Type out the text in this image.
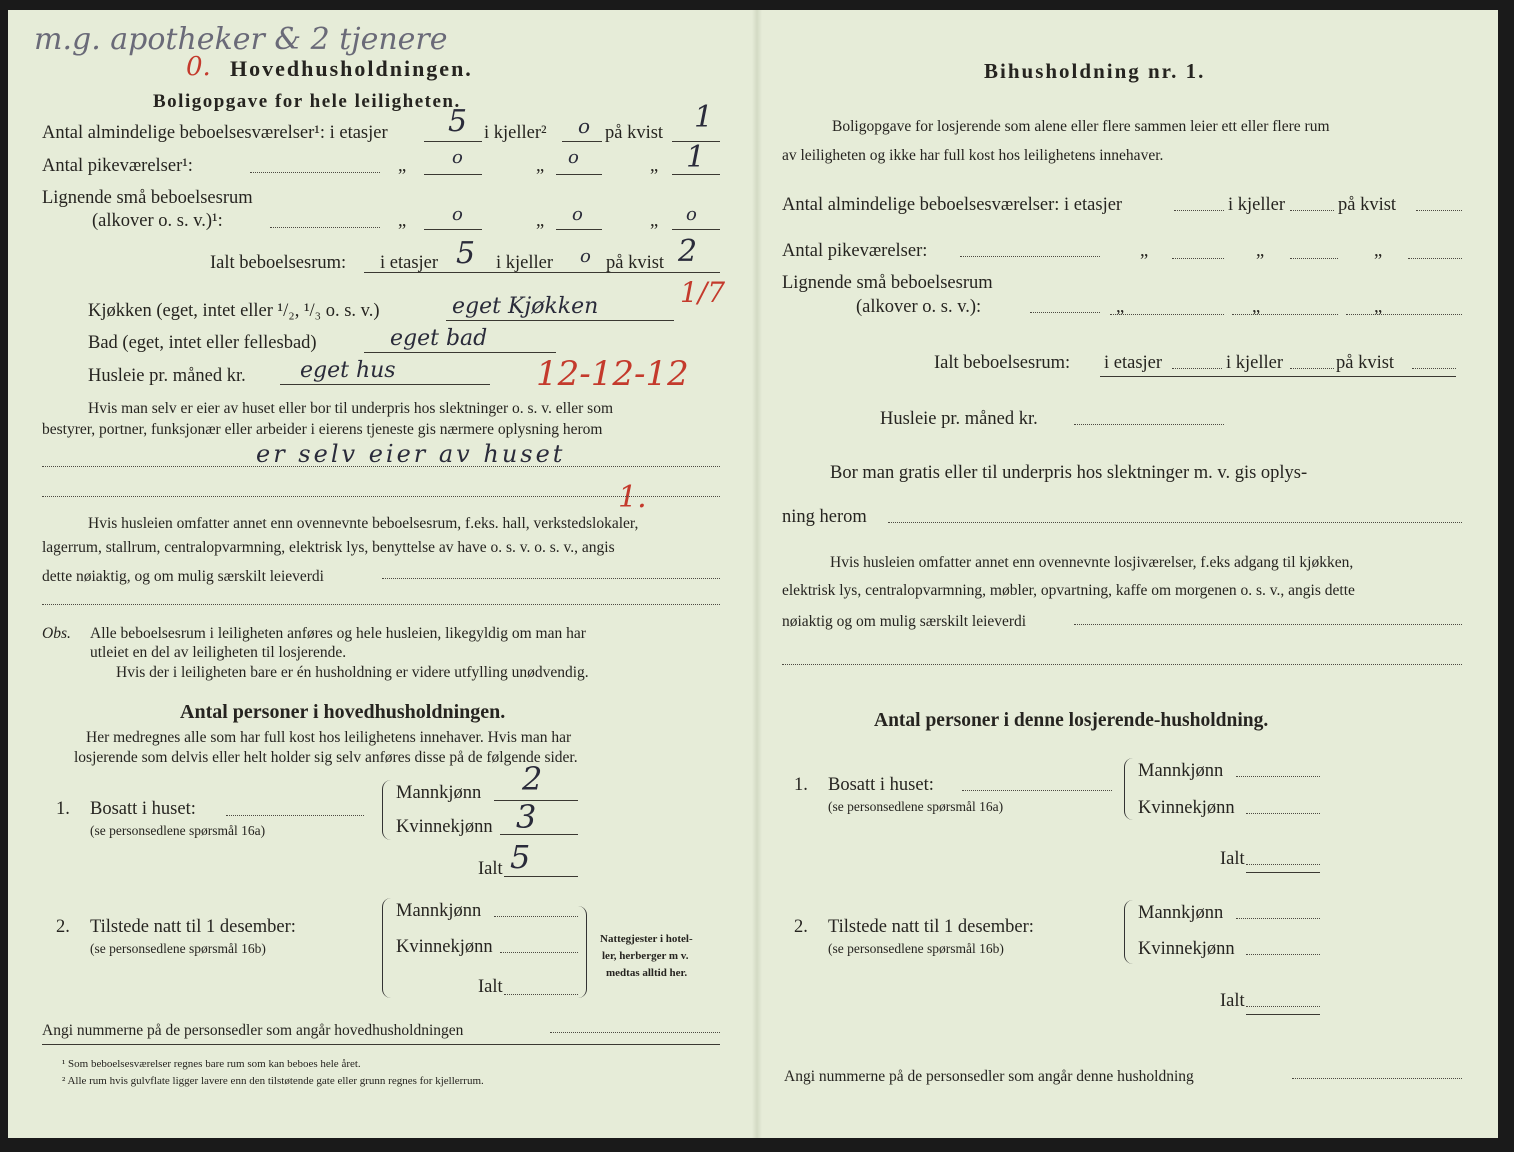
m.g. apotheker & 2 tjenere
0. Hovedhusholdningen.
Boligopgave for hele leiligheten.
Antal almindelige beboelsesværelser¹: i etasjer 5 i kjeller² o på kvist 1
Antal pikeværelser¹:	„	o	„ o	„ 1
Lignende små beboelsesrum
(alkover o. s. v.)¹:	„	o	„ o	„ o
Ialt beboelsesrum: i etasjer 5 i kjeller o på kvist 2
1/7
Kjøkken (eget, intet eller ¹/₂, ¹/₃ o. s. v.)	eget Kjøkken
Bad (eget, intet eller fellesbad)	eget bad
Husleie pr. måned kr. eget hus	12-12-12
Hvis man selv er eier av huset eller bor til underpris hos slektninger o. s. v. eller som
bestyrer, portner, funksjonær eller arbeider i eierens tjeneste gis nærmere oplysning herom
er selv eier av huset
1.
Hvis husleien omfatter annet enn ovennevnte beboelsesrum, f.eks. hall, verkstedslokaler,
lagerrum, stallrum, centralopvarmning, elektrisk lys, benyttelse av have o. s. v. o. s. v., angis
dette nøiaktig, og om mulig særskilt leieverdi
Obs. Alle beboelsesrum i leiligheten anføres og hele husleien, likegyldig om man har
utleiet en del av leiligheten til losjerende.
Hvis der i leiligheten bare er én husholdning er videre utfylling unødvendig.
Antal personer i hovedhusholdningen.
Her medregnes alle som har full kost hos leilighetens innehaver. Hvis man har
losjerende som delvis eller helt holder sig selv anføres disse på de følgende sider.
1. Bosatt i huset:
(se personsedlene spørsmål 16a)
Mannkjønn 2
Kvinnekjønn 3
Ialt 5
2. Tilstede natt til 1 desember:
(se personsedlene spørsmål 16b)
Mannkjønn
Kvinnekjønn
Ialt
Nattegjester i hotel-
ler, herberger m v.
medtas alltid her.
Angi nummerne på de personsedler som angår hovedhusholdningen
¹ Som beboelsesværelser regnes bare rum som kan beboes hele året.
² Alle rum hvis gulvflate ligger lavere enn den tilstøtende gate eller grunn regnes for kjellerrum.
Bihusholdning nr. 1.
Boligopgave for losjerende som alene eller flere sammen leier ett eller flere rum
av leiligheten og ikke har full kost hos leilighetens innehaver.
Antal almindelige beboelsesværelser: i etasjer	i kjeller	på kvist
Antal pikeværelser:	„	„	„
Lignende små beboelsesrum
(alkover o. s. v.):	„	„	„
Ialt beboelsesrum: i etasjer	i kjeller	på kvist
Husleie pr. måned kr.
Bor man gratis eller til underpris hos slektninger m. v. gis oplys-
ning herom
Hvis husleien omfatter annet enn ovennevnte losjiværelser, f.eks adgang til kjøkken,
elektrisk lys, centralopvarmning, møbler, opvartning, kaffe om morgenen o. s. v., angis dette
nøiaktig og om mulig særskilt leieverdi
Antal personer i denne losjerende-husholdning.
1. Bosatt i huset:
(se personsedlene spørsmål 16a)
Mannkjønn
Kvinnekjønn
Ialt
2. Tilstede natt til 1 desember:
(se personsedlene spørsmål 16b)
Mannkjønn
Kvinnekjønn
Ialt
Angi nummerne på de personsedler som angår denne husholdning
